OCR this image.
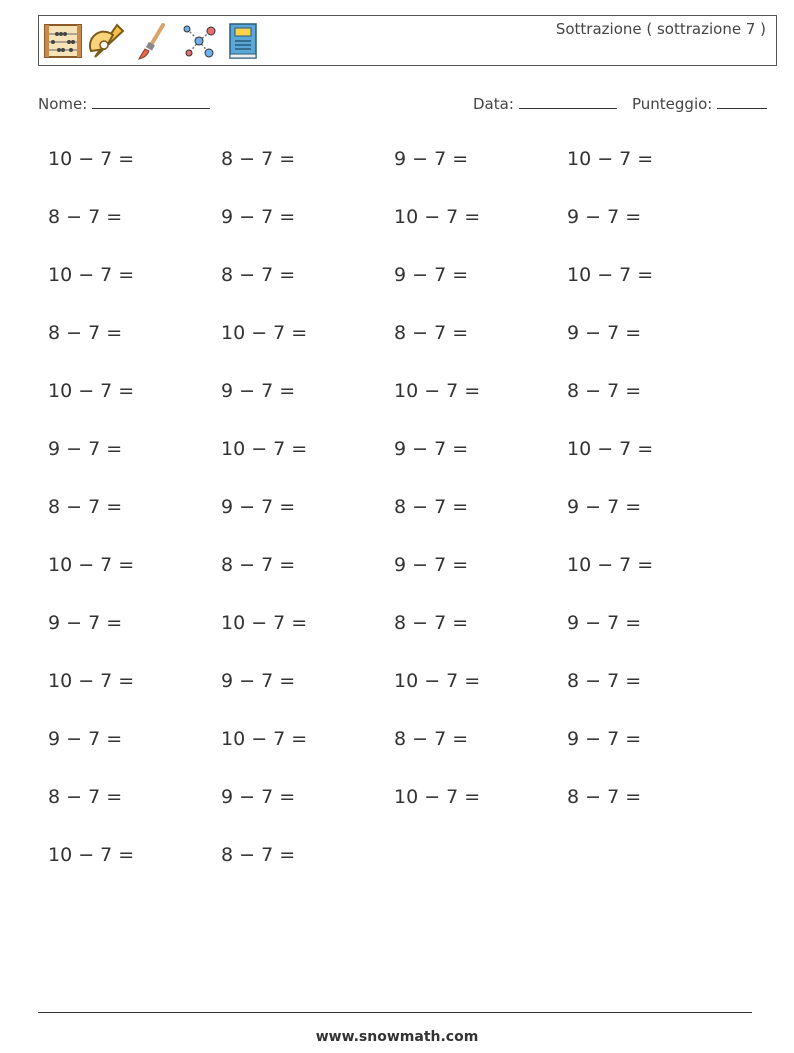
Sottrazione ( sottrazione 7 )
Nome:	Data:	Punteggio:
10 − 7 =	8 − 7 =	9 − 7 =	10 − 7 =
8 − 7 =	9 − 7 =	10 − 7 =	9 − 7 =
10 − 7 =	8 − 7 =	9 − 7 =	10 − 7 =
8 − 7 =	10 − 7 =	8 − 7 =	9 − 7 =
10 − 7 =	9 − 7 =	10 − 7 =	8 − 7 =
9 − 7 =	10 − 7 =	9 − 7 =	10 − 7 =
8 − 7 =	9 − 7 =	8 − 7 =	9 − 7 =
10 − 7 =	8 − 7 =	9 − 7 =	10 − 7 =
9 − 7 =	10 − 7 =	8 − 7 =	9 − 7 =
10 − 7 =	9 − 7 =	10 − 7 =	8 − 7 =
9 − 7 =	10 − 7 =	8 − 7 =	9 − 7 =
8 − 7 =	9 − 7 =	10 − 7 =	8 − 7 =
10 − 7 =	8 − 7 =
www.snowmath.com
